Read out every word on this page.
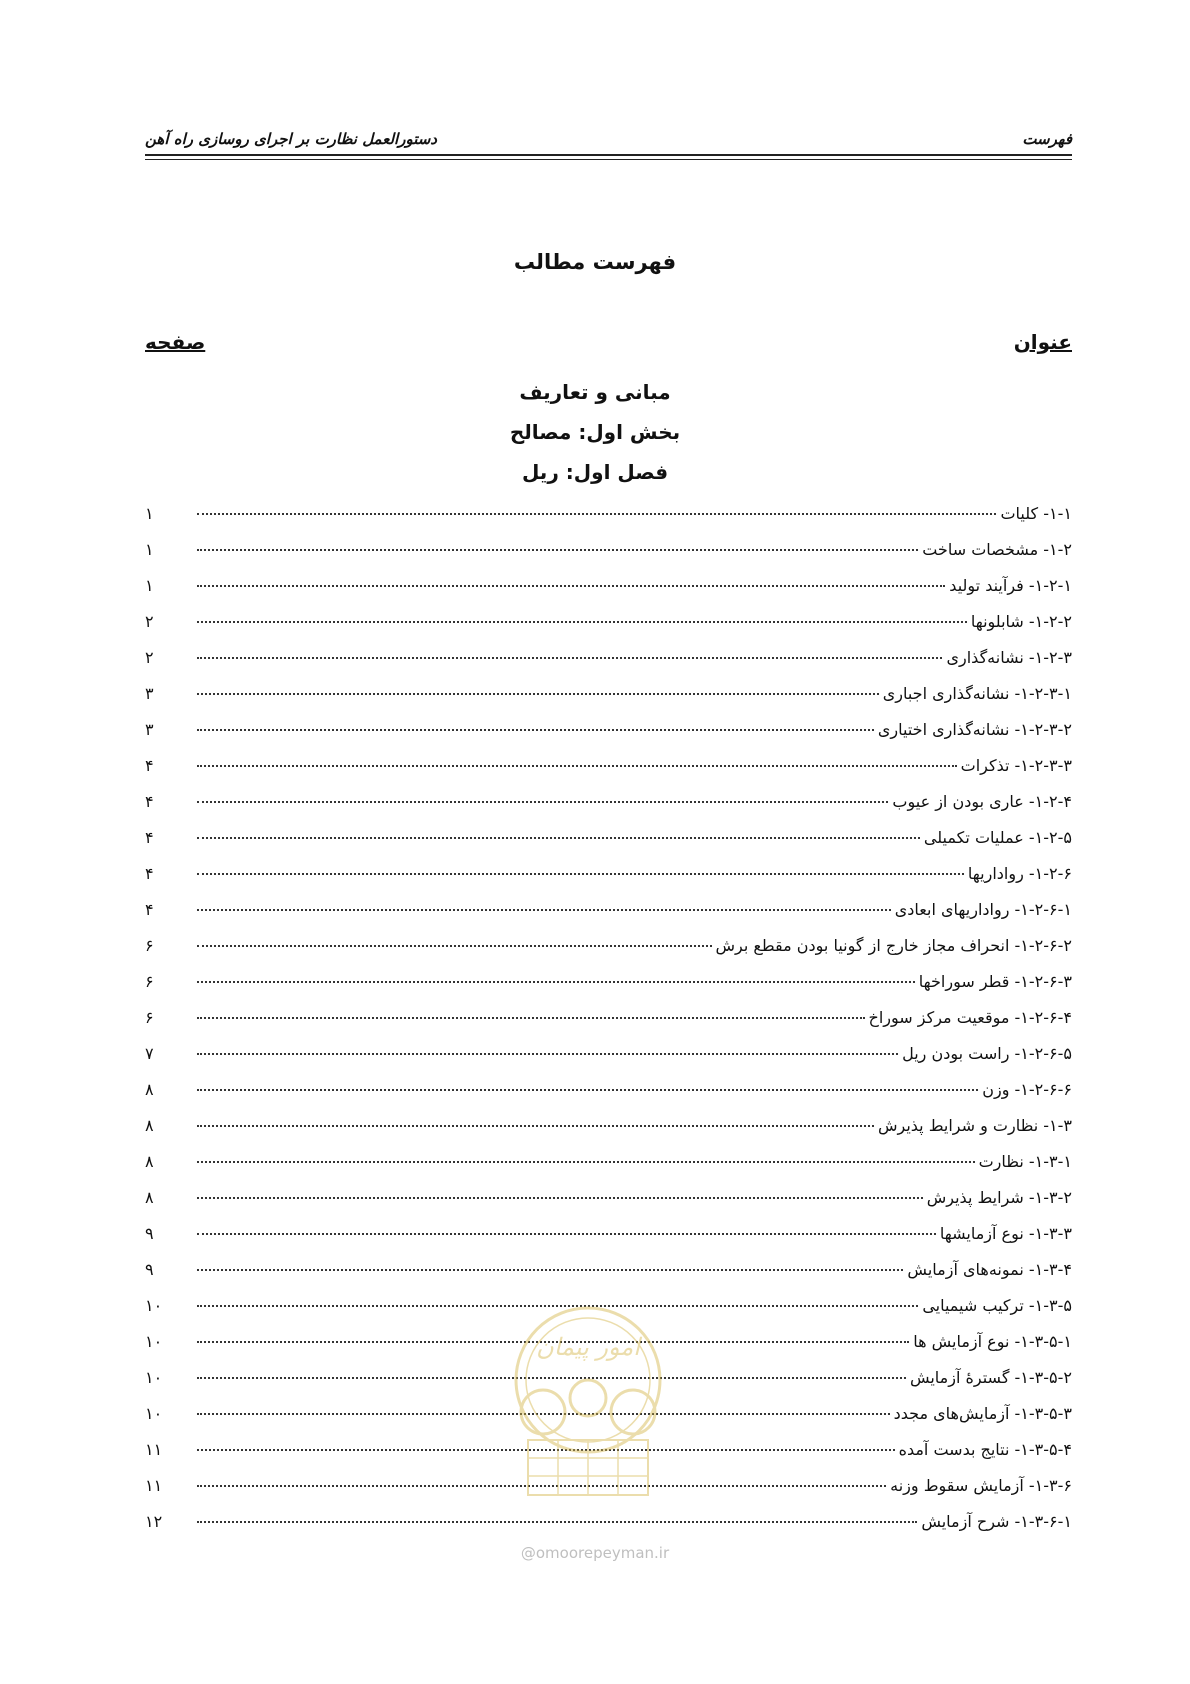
فهرست
دستورالعمل نظارت بر اجرای روسازی راه آهن
فهرست مطالب
عنوان
صفحه
مبانی و تعاریف
بخش اول: مصالح
فصل اول: ریل
۱-۱- کلیات
۱
۱-۲- مشخصات ساخت
۱
۱-۲-۱- فرآیند تولید
۱
۱-۲-۲- شابلونها
۲
۱-۲-۳- نشانه‌گذاری
۲
۱-۲-۳-۱- نشانه‌گذاری اجباری
۳
۱-۲-۳-۲- نشانه‌گذاری اختیاری
۳
۱-۲-۳-۳- تذکرات
۴
۱-۲-۴- عاری بودن از عیوب
۴
۱-۲-۵- عملیات تکمیلی
۴
۱-۲-۶- رواداریها
۴
۱-۲-۶-۱- رواداریهای ابعادی
۴
۱-۲-۶-۲- انحراف مجاز خارج از گونیا بودن مقطع برش
۶
۱-۲-۶-۳- قطر سوراخها
۶
۱-۲-۶-۴- موقعیت مرکز سوراخ
۶
۱-۲-۶-۵- راست بودن ریل
۷
۱-۲-۶-۶- وزن
۸
۱-۳- نظارت و شرایط پذیرش
۸
۱-۳-۱- نظارت
۸
۱-۳-۲- شرایط پذیرش
۸
۱-۳-۳- نوع آزمایشها
۹
۱-۳-۴- نمونه‌های آزمایش
۹
۱-۳-۵- ترکیب شیمیایی
۱۰
۱-۳-۵-۱- نوع آزمایش ها
۱۰
۱-۳-۵-۲- گسترهٔ آزمایش
۱۰
۱-۳-۵-۳- آزمایش‌های مجدد
۱۰
۱-۳-۵-۴- نتایج بدست آمده
۱۱
۱-۳-۶- آزمایش سقوط وزنه
۱۱
۱-۳-۶-۱- شرح آزمایش
۱۲
امور پیمان
@omoorepeyman.ir
